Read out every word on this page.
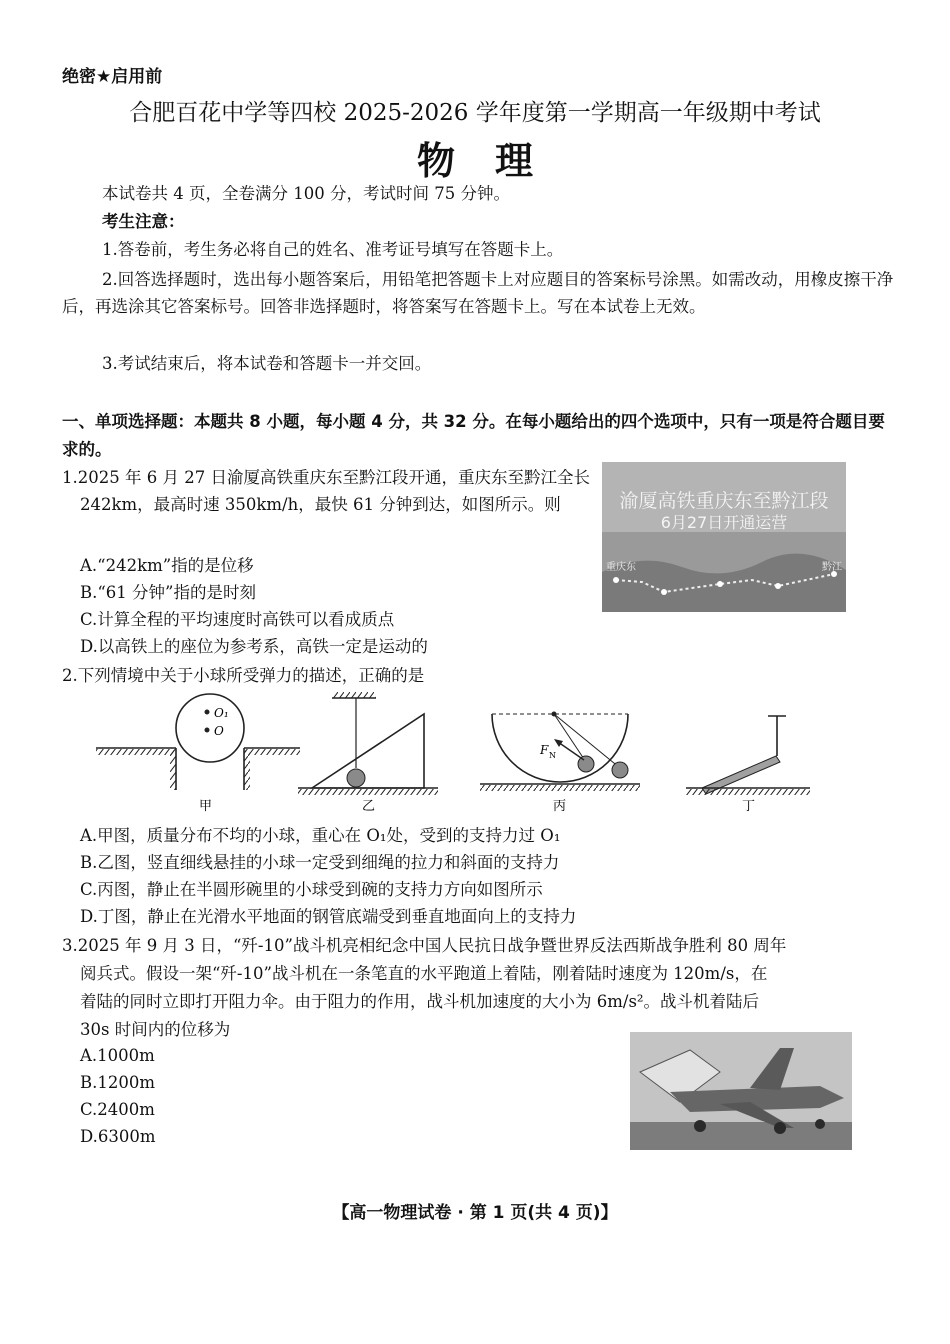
绝密★启用前
合肥百花中学等四校 2025-2026 学年度第一学期高一年级期中考试
物理
本试卷共 4 页，全卷满分 100 分，考试时间 75 分钟。
考生注意：
1.答卷前，考生务必将自己的姓名、准考证号填写在答题卡上。
2.回答选择题时，选出每小题答案后，用铅笔把答题卡上对应题目的答案标号涂黑。如需改动，用橡皮擦干净后，再选涂其它答案标号。回答非选择题时，将答案写在答题卡上。写在本试卷上无效。
3.考试结束后，将本试卷和答题卡一并交回。
一、单项选择题：本题共 8 小题，每小题 4 分，共 32 分。在每小题给出的四个选项中，只有一项是符合题目要求的。
1.2025 年 6 月 27 日渝厦高铁重庆东至黔江段开通，重庆东至黔江全长 242km，最高时速 350km/h，最快 61 分钟到达，如图所示。则
A.“242km”指的是位移
B.“61 分钟”指的是时刻
C.计算全程的平均速度时高铁可以看成质点
D.以高铁上的座位为参考系，高铁一定是运动的
渝厦高铁重庆东至黔江段
6月27日开通运营
重庆东	黔江
2.下列情境中关于小球所受弹力的描述，正确的是
O₁
O
甲	乙
F N
丙	丁
A.甲图，质量分布不均的小球，重心在 O₁处，受到的支持力过 O₁
B.乙图，竖直细线悬挂的小球一定受到细绳的拉力和斜面的支持力
C.丙图，静止在半圆形碗里的小球受到碗的支持力方向如图所示
D.丁图，静止在光滑水平地面的钢管底端受到垂直地面向上的支持力
3.2025 年 9 月 3 日，“歼-10”战斗机亮相纪念中国人民抗日战争暨世界反法西斯战争胜利 80 周年
阅兵式。假设一架“歼-10”战斗机在一条笔直的水平跑道上着陆，刚着陆时速度为 120m/s，在
着陆的同时立即打开阻力伞。由于阻力的作用，战斗机加速度的大小为 6m/s²。战斗机着陆后
30s 时间内的位移为
A.1000m
B.1200m
C.2400m
D.6300m
【高一物理试卷 · 第 1 页(共 4 页)】
